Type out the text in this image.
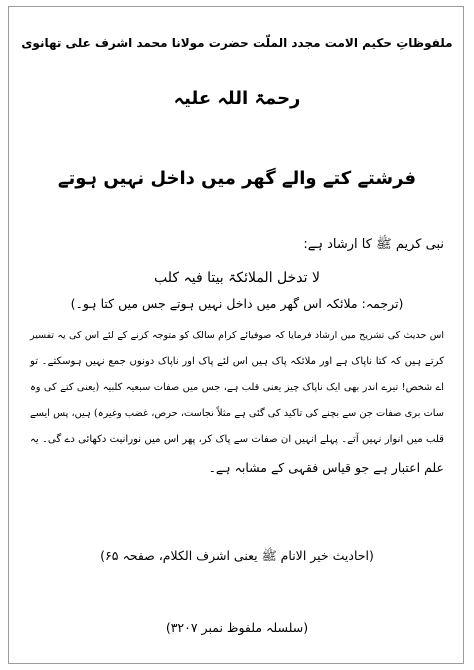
ملفوظاتِ حکیم الامت مجدد الملّت حضرت مولانا محمد اشرف علی تھانوی
رحمۃ اللہ علیہ
فرشتے کتے والے گھر میں داخل نہیں ہوتے
نبی کریم ﷺ کا ارشاد ہے:
لا تدخل الملائکۃ بیتا فیہ کلب
(ترجمہ: ملائکہ اس گھر میں داخل نہیں ہوتے جس میں کتا ہو۔)
اس حدیث کی تشریح میں ارشاد فرمایا کہ صوفیائے کرام سالک کو متوجہ کرنے کے لئے اس کی یہ تفسیر
کرتے ہیں کہ کتا ناپاک ہے اور ملائکہ پاک ہیں اس لئے پاک اور ناپاک دونوں جمع نہیں ہوسکتے۔ تو
اے شخص! تیرے اندر بھی ایک ناپاک چیز یعنی قلب ہے، جس میں صفات سبعیہ کلبیہ (یعنی کتے کی وہ
سات بری صفات جن سے بچنے کی تاکید کی گئی ہے مثلاً نجاست، حرص، غضب وغیرہ) ہیں، پس ایسے
قلب میں انوار نہیں آتے۔ پہلے انہیں ان صفات سے پاک کر، پھر اس میں نورانیت دکھائی دے گی۔ یہ
علم اعتبار ہے جو قیاس فقہی کے مشابہ ہے۔
(احادیث خیر الانام ﷺ یعنی اشرف الکلام، صفحہ ۶۵)
(سلسلہ ملفوظ نمبر ۳۲۰۷)
